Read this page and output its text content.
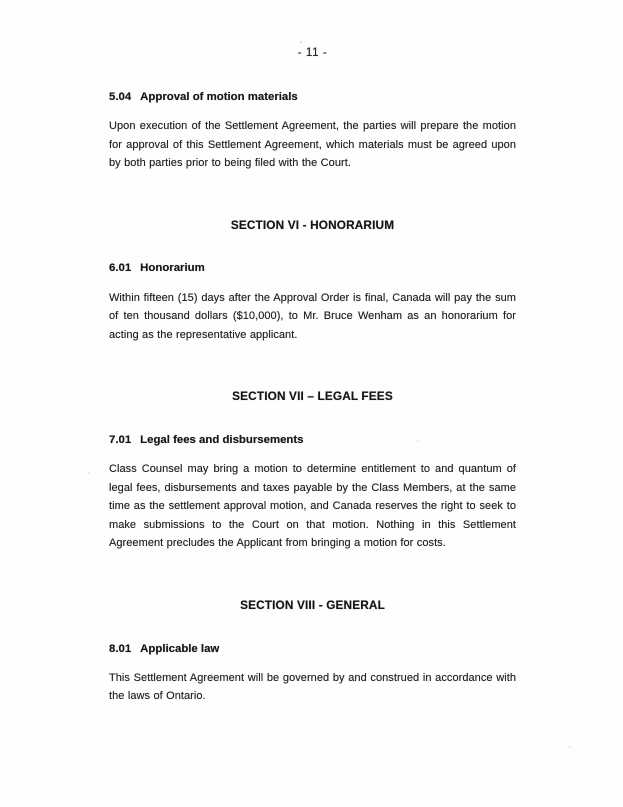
- 11 -
5.04 Approval of motion materials

Upon execution of the Settlement Agreement, the parties will prepare the motion for approval of this Settlement Agreement, which materials must be agreed upon by both parties prior to being filed with the Court.

SECTION VI - HONORARIUM
6.01 Honorarium

Within fifteen (15) days after the Approval Order is final, Canada will pay the sum of ten thousand dollars ($10,000), to Mr. Bruce Wenham as an honorarium for acting as the representative applicant.

SECTION VII – LEGAL FEES
7.01 Legal fees and disbursements

Class Counsel may bring a motion to determine entitlement to and quantum of legal fees, disbursements and taxes payable by the Class Members, at the same time as the settlement approval motion, and Canada reserves the right to seek to make submissions to the Court on that motion. Nothing in this Settlement Agreement precludes the Applicant from bringing a motion for costs.

SECTION VIII - GENERAL
8.01 Applicable law

This Settlement Agreement will be governed by and construed in accordance with the laws of Ontario.
